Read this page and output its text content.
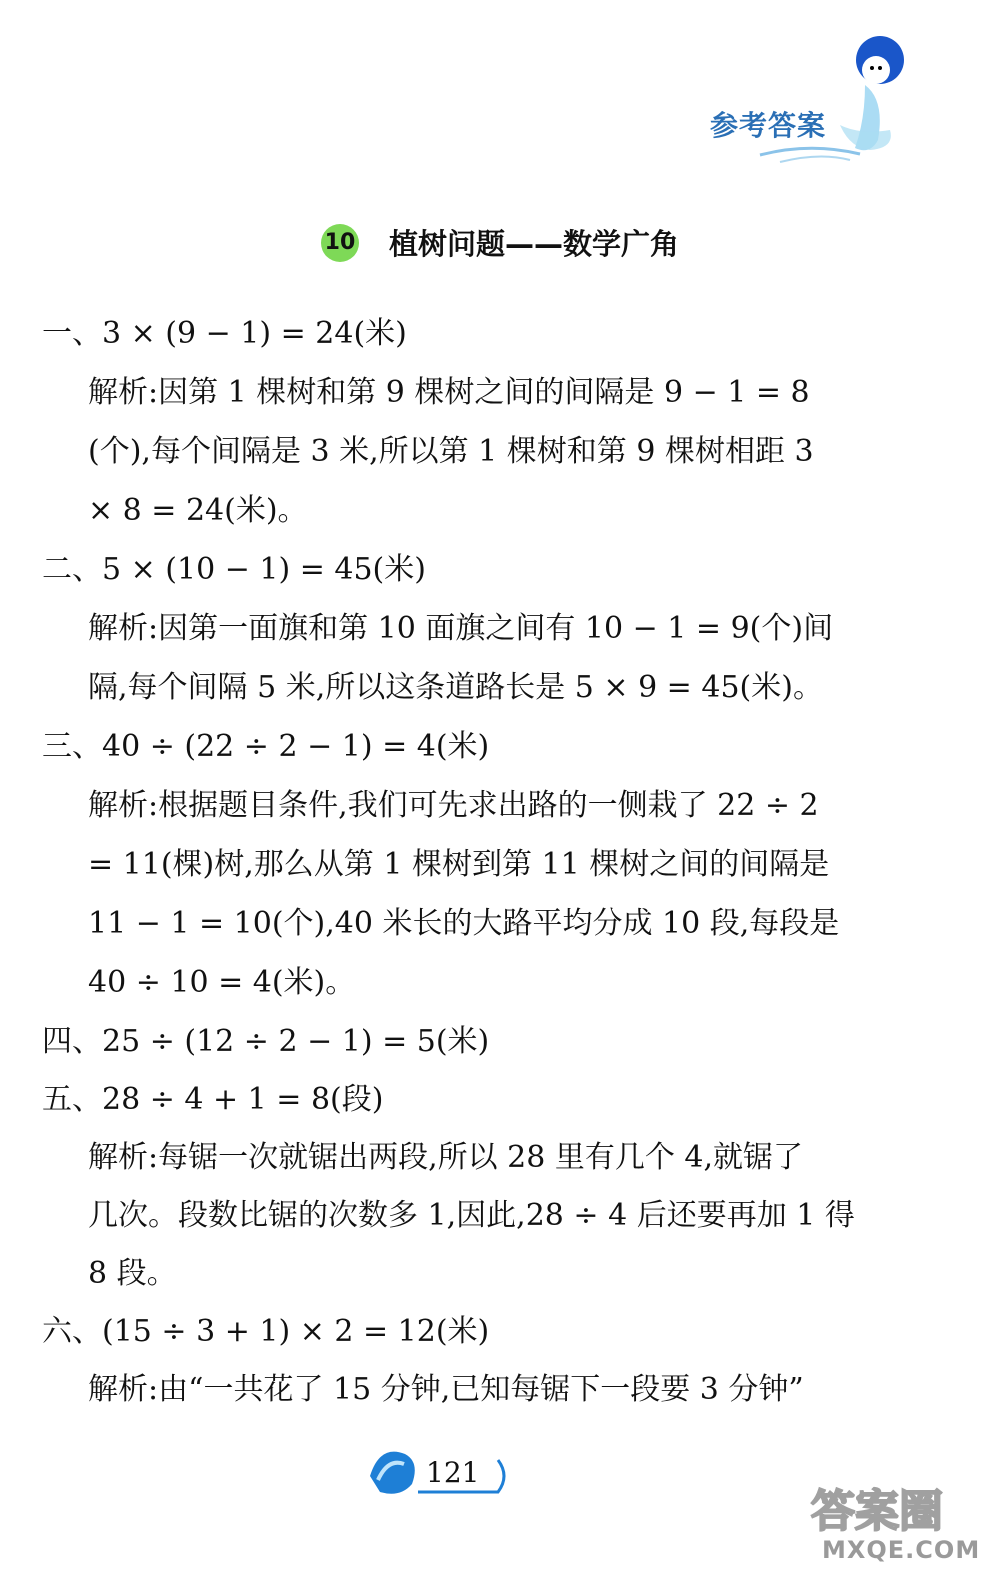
参考答案
10 植树问题——数学广角
一、3 × (9 − 1) = 24(米)
解析:因第 1 棵树和第 9 棵树之间的间隔是 9 − 1 = 8
(个),每个间隔是 3 米,所以第 1 棵树和第 9 棵树相距 3
× 8 = 24(米)。
二、5 × (10 − 1) = 45(米)
解析:因第一面旗和第 10 面旗之间有 10 − 1 = 9(个)间
隔,每个间隔 5 米,所以这条道路长是 5 × 9 = 45(米)。
三、40 ÷ (22 ÷ 2 − 1) = 4(米)
解析:根据题目条件,我们可先求出路的一侧栽了 22 ÷ 2
= 11(棵)树,那么从第 1 棵树到第 11 棵树之间的间隔是
11 − 1 = 10(个),40 米长的大路平均分成 10 段,每段是
40 ÷ 10 = 4(米)。
四、25 ÷ (12 ÷ 2 − 1) = 5(米)
五、28 ÷ 4 + 1 = 8(段)
解析:每锯一次就锯出两段,所以 28 里有几个 4,就锯了
几次。段数比锯的次数多 1,因此,28 ÷ 4 后还要再加 1 得
8 段。
六、(15 ÷ 3 + 1) × 2 = 12(米)
解析:由“一共花了 15 分钟,已知每锯下一段要 3 分钟”
121
答案圈
MXQE.COM
